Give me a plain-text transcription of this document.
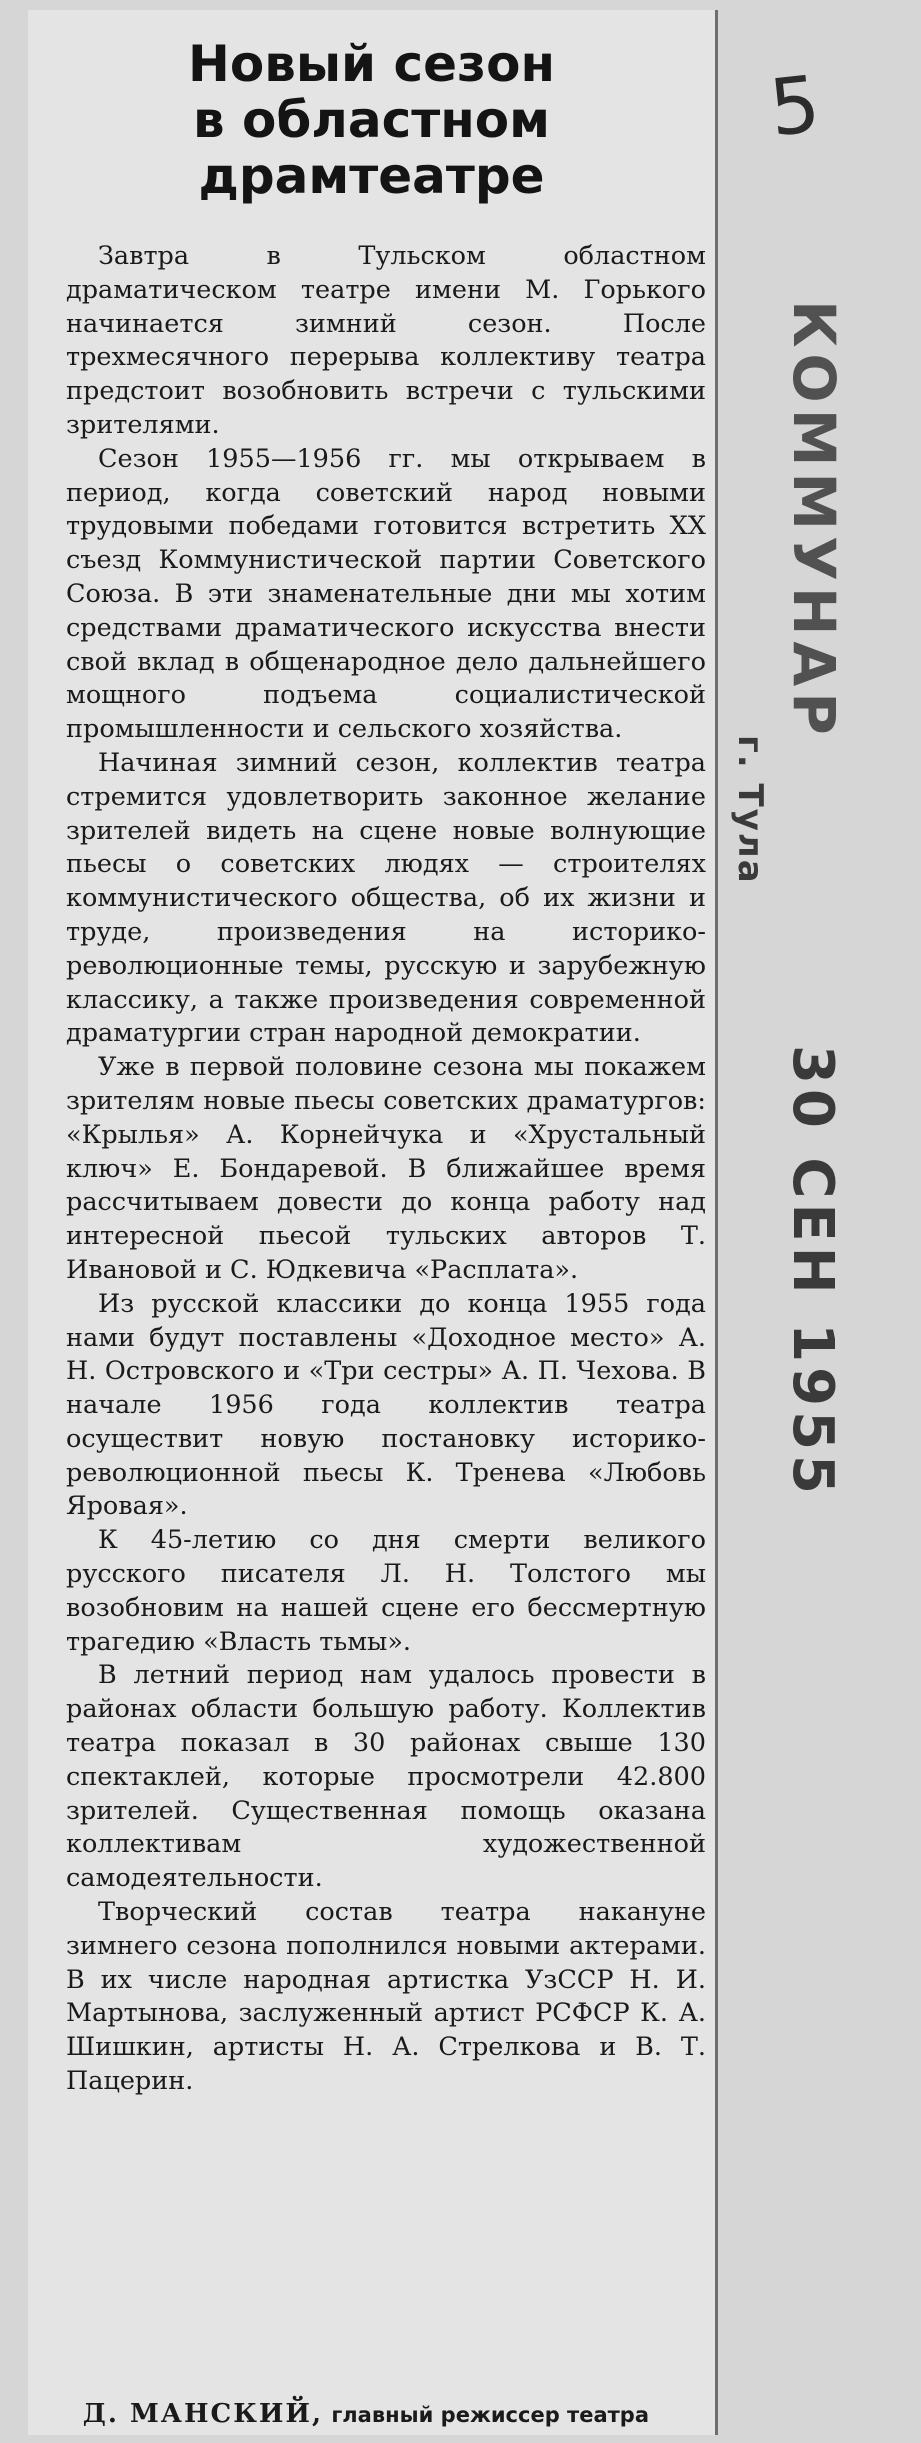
Новый сезон
в областном
драмтеатре

Завтра в Тульском областном драматическом театре имени М. Горького начинается зимний сезон. После трехмесячного перерыва коллективу театра предстоит возобновить встречи с тульскими зрителями.

Сезон 1955—1956 гг. мы открываем в период, когда советский народ новыми трудовыми победами готовится встретить XX съезд Коммунистической партии Советского Союза. В эти знаменательные дни мы хотим средствами драматического искусства внести свой вклад в общенародное дело дальнейшего мощного подъема социалистической промышленности и сельского хозяйства.

Начиная зимний сезон, коллектив театра стремится удовлетворить законное желание зрителей видеть на сцене новые волнующие пьесы о советских людях — строителях коммунистического общества, об их жизни и труде, произведения на историко-революционные темы, русскую и зарубежную классику, а также произведения современной драматургии стран народной демократии.

Уже в первой половине сезона мы покажем зрителям новые пьесы советских драматургов: «Крылья» А. Корнейчука и «Хрустальный ключ» Е. Бондаревой. В ближайшее время рассчитываем довести до конца работу над интересной пьесой тульских авторов Т. Ивановой и С. Юдкевича «Расплата».

Из русской классики до конца 1955 года нами будут поставлены «Доходное место» А. Н. Островского и «Три сестры» А. П. Чехова. В начале 1956 года коллектив театра осуществит новую постановку историко-революционной пьесы К. Тренева «Любовь Яровая».

К 45-летию со дня смерти великого русского писателя Л. Н. Толстого мы возобновим на нашей сцене его бессмертную трагедию «Власть тьмы».

В летний период нам удалось провести в районах области большую работу. Коллектив театра показал в 30 районах свыше 130 спектаклей, которые просмотрели 42.800 зрителей. Существенная помощь оказана коллективам художественной самодеятельности.

Творческий состав театра накануне зимнего сезона пополнился новыми актерами. В их числе народная артистка УзССР Н. И. Мартынова, заслуженный артист РСФСР К. А. Шишкин, артисты Н. А. Стрелкова и В. Т. Пацерин.

Д. МАНСКИЙ, главный режиссер театра
5
КОММУНАР
г. Тула
30 СЕН 1955
